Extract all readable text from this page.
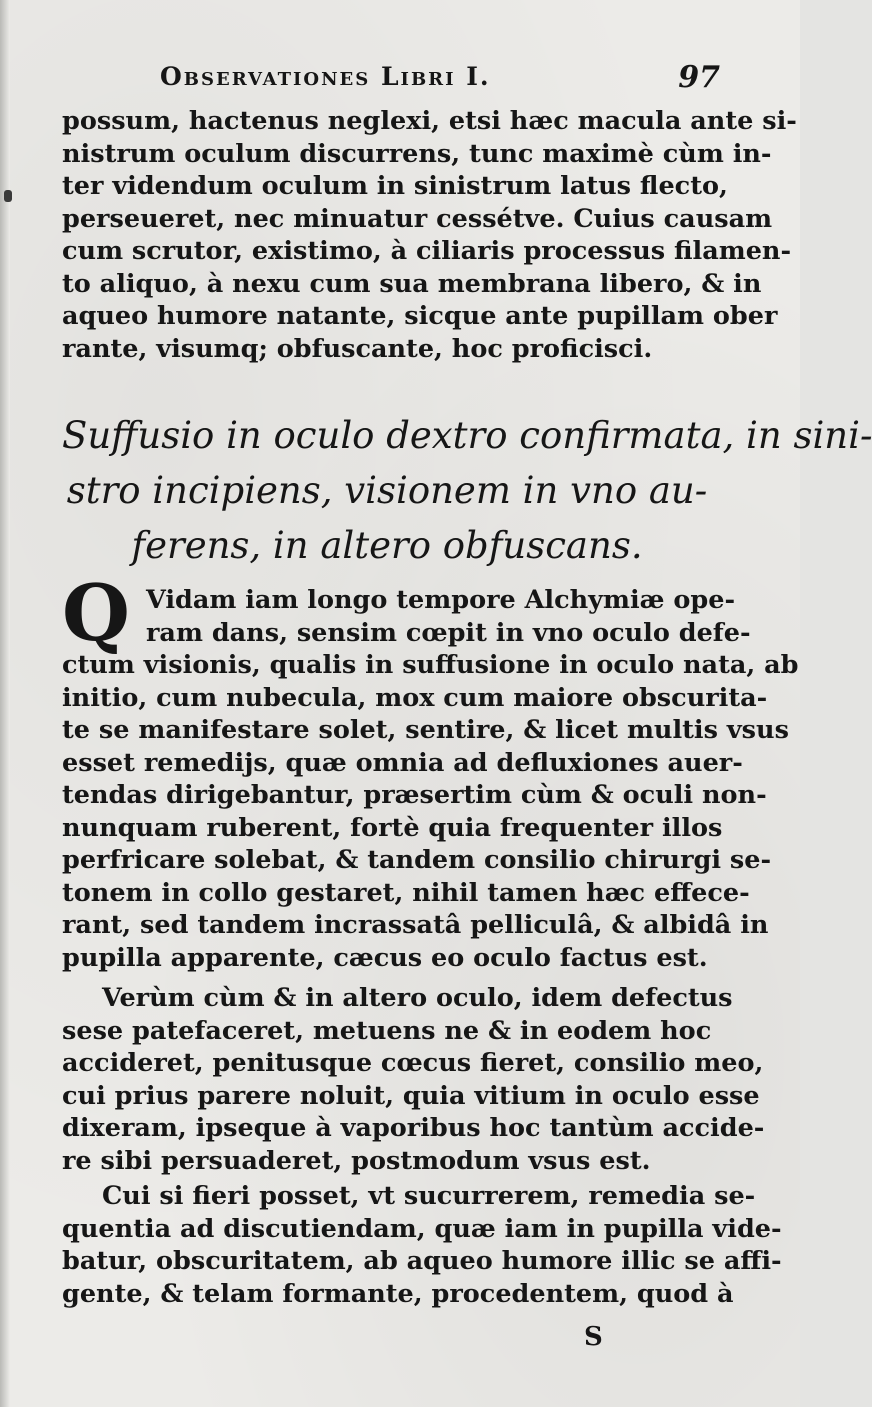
Observationes Libri I.	97
possum, hactenus neglexi, etsi hæc macula ante si-
nistrum oculum discurrens, tunc maximè cùm in-
ter videndum oculum in sinistrum latus flecto,
perseueret, nec minuatur cessétve. Cuius causam
cum scrutor, existimo, à ciliaris processus filamen-
to aliquo, à nexu cum sua membrana libero, & in
aqueo humore natante, sicque ante pupillam ober
rante, visumq; obfuscante, hoc proficisci.
Suffusio in oculo dextro confirmata, in sini-
stro incipiens, visionem in vno au-
ferens, in altero obfuscans.
Q Vidam iam longo tempore Alchymiæ ope-
ram dans, sensim cœpit in vno oculo defe-
ctum visionis, qualis in suffusione in oculo nata, ab
initio, cum nubecula, mox cum maiore obscurita-
te se manifestare solet, sentire, & licet multis vsus
esset remedijs, quæ omnia ad defluxiones auer-
tendas dirigebantur, præsertim cùm & oculi non-
nunquam ruberent, fortè quia frequenter illos
perfricare solebat, & tandem consilio chirurgi se-
tonem in collo gestaret, nihil tamen hæc effece-
rant, sed tandem incrassatâ pelliculâ, & albidâ in
pupilla apparente, cæcus eo oculo factus est.
Verùm cùm & in altero oculo, idem defectus
sese patefaceret, metuens ne & in eodem hoc
accideret, penitusque cœcus fieret, consilio meo,
cui prius parere noluit, quia vitium in oculo esse
dixeram, ipseque à vaporibus hoc tantùm accide-
re sibi persuaderet, postmodum vsus est.
Cui si fieri posset, vt sucurrerem, remedia se-
quentia ad discutiendam, quæ iam in pupilla vide-
batur, obscuritatem, ab aqueo humore illic se affi-
gente, & telam formante, procedentem, quod à
S
